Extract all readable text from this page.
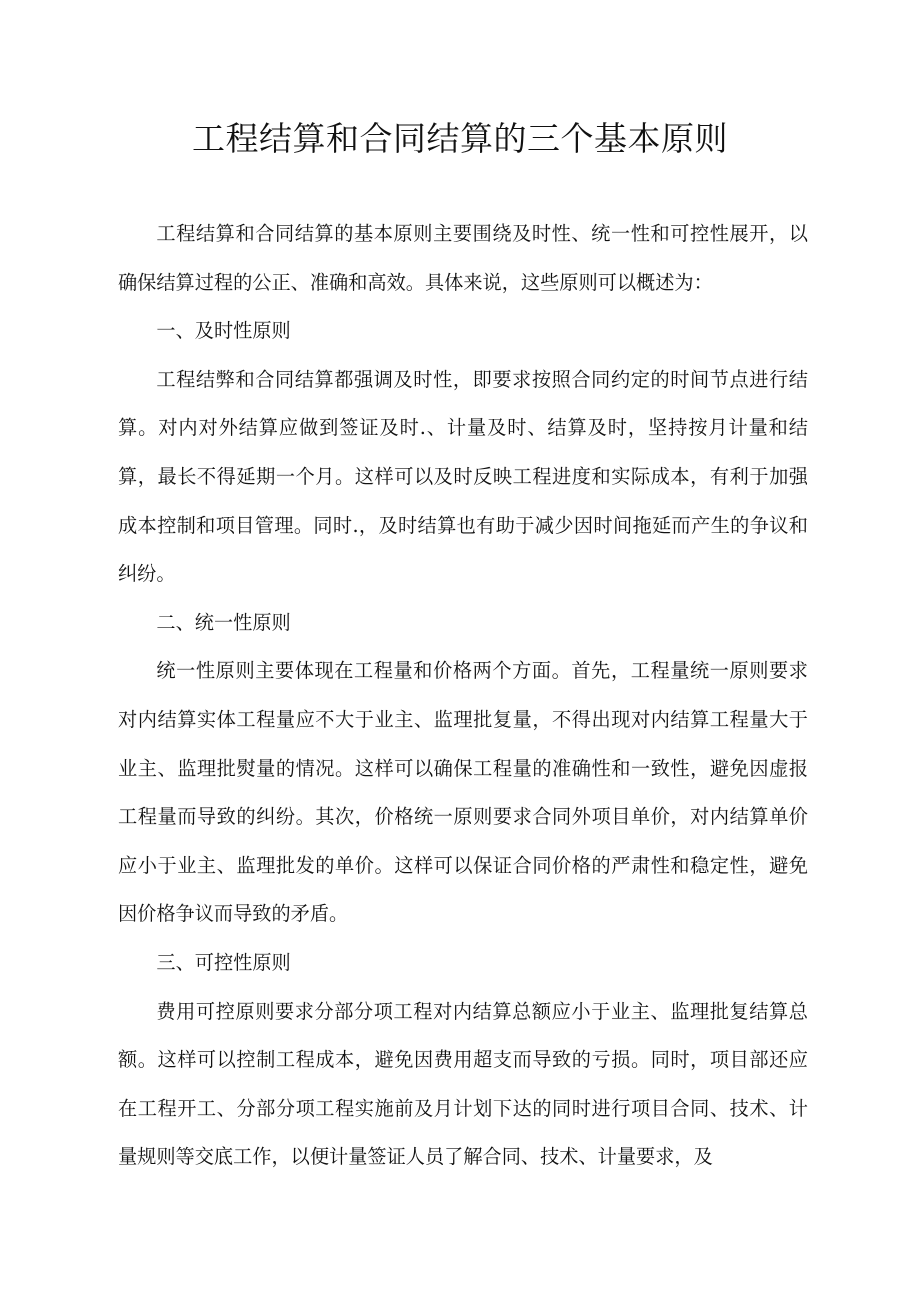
工程结算和合同结算的三个基本原则

工程结算和合同结算的基本原则主要围绕及时性、统一性和可控性展开，以确保结算过程的公正、准确和高效。具体来说，这些原则可以概述为：

一、及时性原则

工程结弊和合同结算都强调及时性，即要求按照合同约定的时间节点进行结算。对内对外结算应做到签证及时.、计量及时、结算及时，坚持按月计量和结算，最长不得延期一个月。这样可以及时反映工程进度和实际成本，有利于加强成本控制和项目管理。同时.，及时结算也有助于减少因时间拖延而产生的争议和纠纷。

二、统一性原则

统一性原则主要体现在工程量和价格两个方面。首先，工程量统一原则要求对内结算实体工程量应不大于业主、监理批复量，不得出现对内结算工程量大于业主、监理批熨量的情况。这样可以确保工程量的准确性和一致性，避免因虚报工程量而导致的纠纷。其次，价格统一原则要求合同外项目单价，对内结算单价应小于业主、监理批发的单价。这样可以保证合同价格的严肃性和稳定性，避免因价格争议而导致的矛盾。

三、可控性原则

费用可控原则要求分部分项工程对内结算总额应小于业主、监理批复结算总额。这样可以控制工程成本，避免因费用超支而导致的亏损。同时，项目部还应在工程开工、分部分项工程实施前及月计划下达的同时进行项目合同、技术、计量规则等交底工作，以便计量签证人员了解合同、技术、计量要求，及
